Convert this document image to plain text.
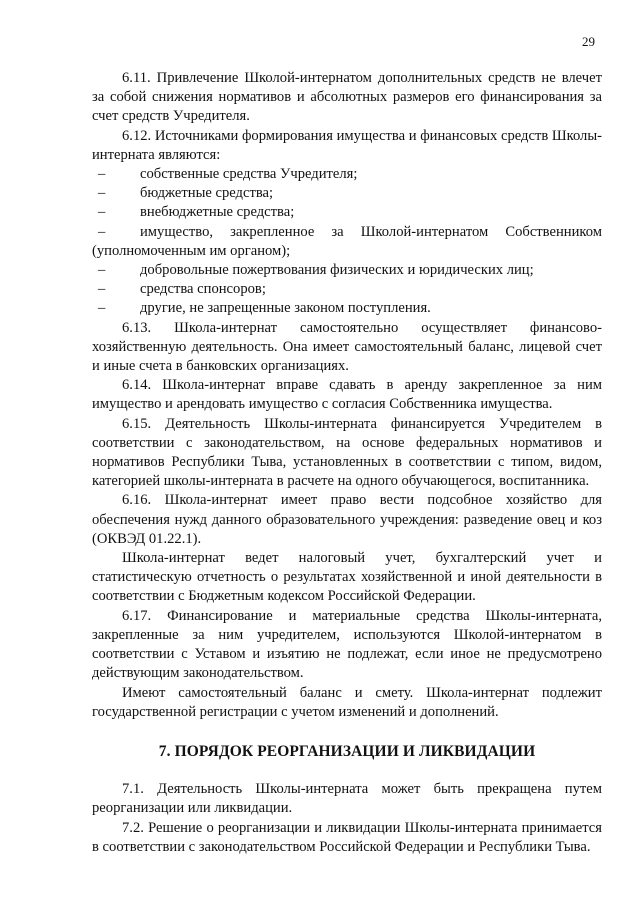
29

6.11. Привлечение Школой-интернатом дополнительных средств не влечет за собой снижения нормативов и абсолютных размеров его финансирования за счет средств Учредителя.

6.12. Источниками формирования имущества и финансовых средств Школы-интерната являются:

–	собственные средства Учредителя;
–	бюджетные средства;
–	внебюджетные средства;
–	имущество, закрепленное за Школой-интернатом Собственником
(уполномоченным им органом);
–	добровольные пожертвования физических и юридических лиц;
–	средства спонсоров;
–	другие, не запрещенные законом поступления.

6.13. Школа-интернат самостоятельно осуществляет финансово-хозяйственную деятельность. Она имеет самостоятельный баланс, лицевой счет и иные счета в банковских организациях.

6.14. Школа-интернат вправе сдавать в аренду закрепленное за ним имущество и арендовать имущество с согласия Собственника имущества.

6.15. Деятельность Школы-интерната финансируется Учредителем в соответствии с законодательством, на основе федеральных нормативов и нормативов Республики Тыва, установленных в соответствии с типом, видом, категорией школы-интерната в расчете на одного обучающегося, воспитанника.

6.16. Школа-интернат имеет право вести подсобное хозяйство для обеспечения нужд данного образовательного учреждения: разведение овец и коз (ОКВЭД 01.22.1).

Школа-интернат ведет налоговый учет, бухгалтерский учет и статистическую отчетность о результатах хозяйственной и иной деятельности в соответствии с Бюджетным кодексом Российской Федерации.

6.17. Финансирование и материальные средства Школы-интерната, закрепленные за ним учредителем, используются Школой-интернатом в соответствии с Уставом и изъятию не подлежат, если иное не предусмотрено действующим законодательством.

Имеют самостоятельный баланс и смету. Школа-интернат подлежит государственной регистрации с учетом изменений и дополнений.

7. ПОРЯДОК РЕОРГАНИЗАЦИИ И ЛИКВИДАЦИИ

7.1. Деятельность Школы-интерната может быть прекращена путем реорганизации или ликвидации.

7.2. Решение о реорганизации и ликвидации Школы-интерната принимается в соответствии с законодательством Российской Федерации и Республики Тыва.
